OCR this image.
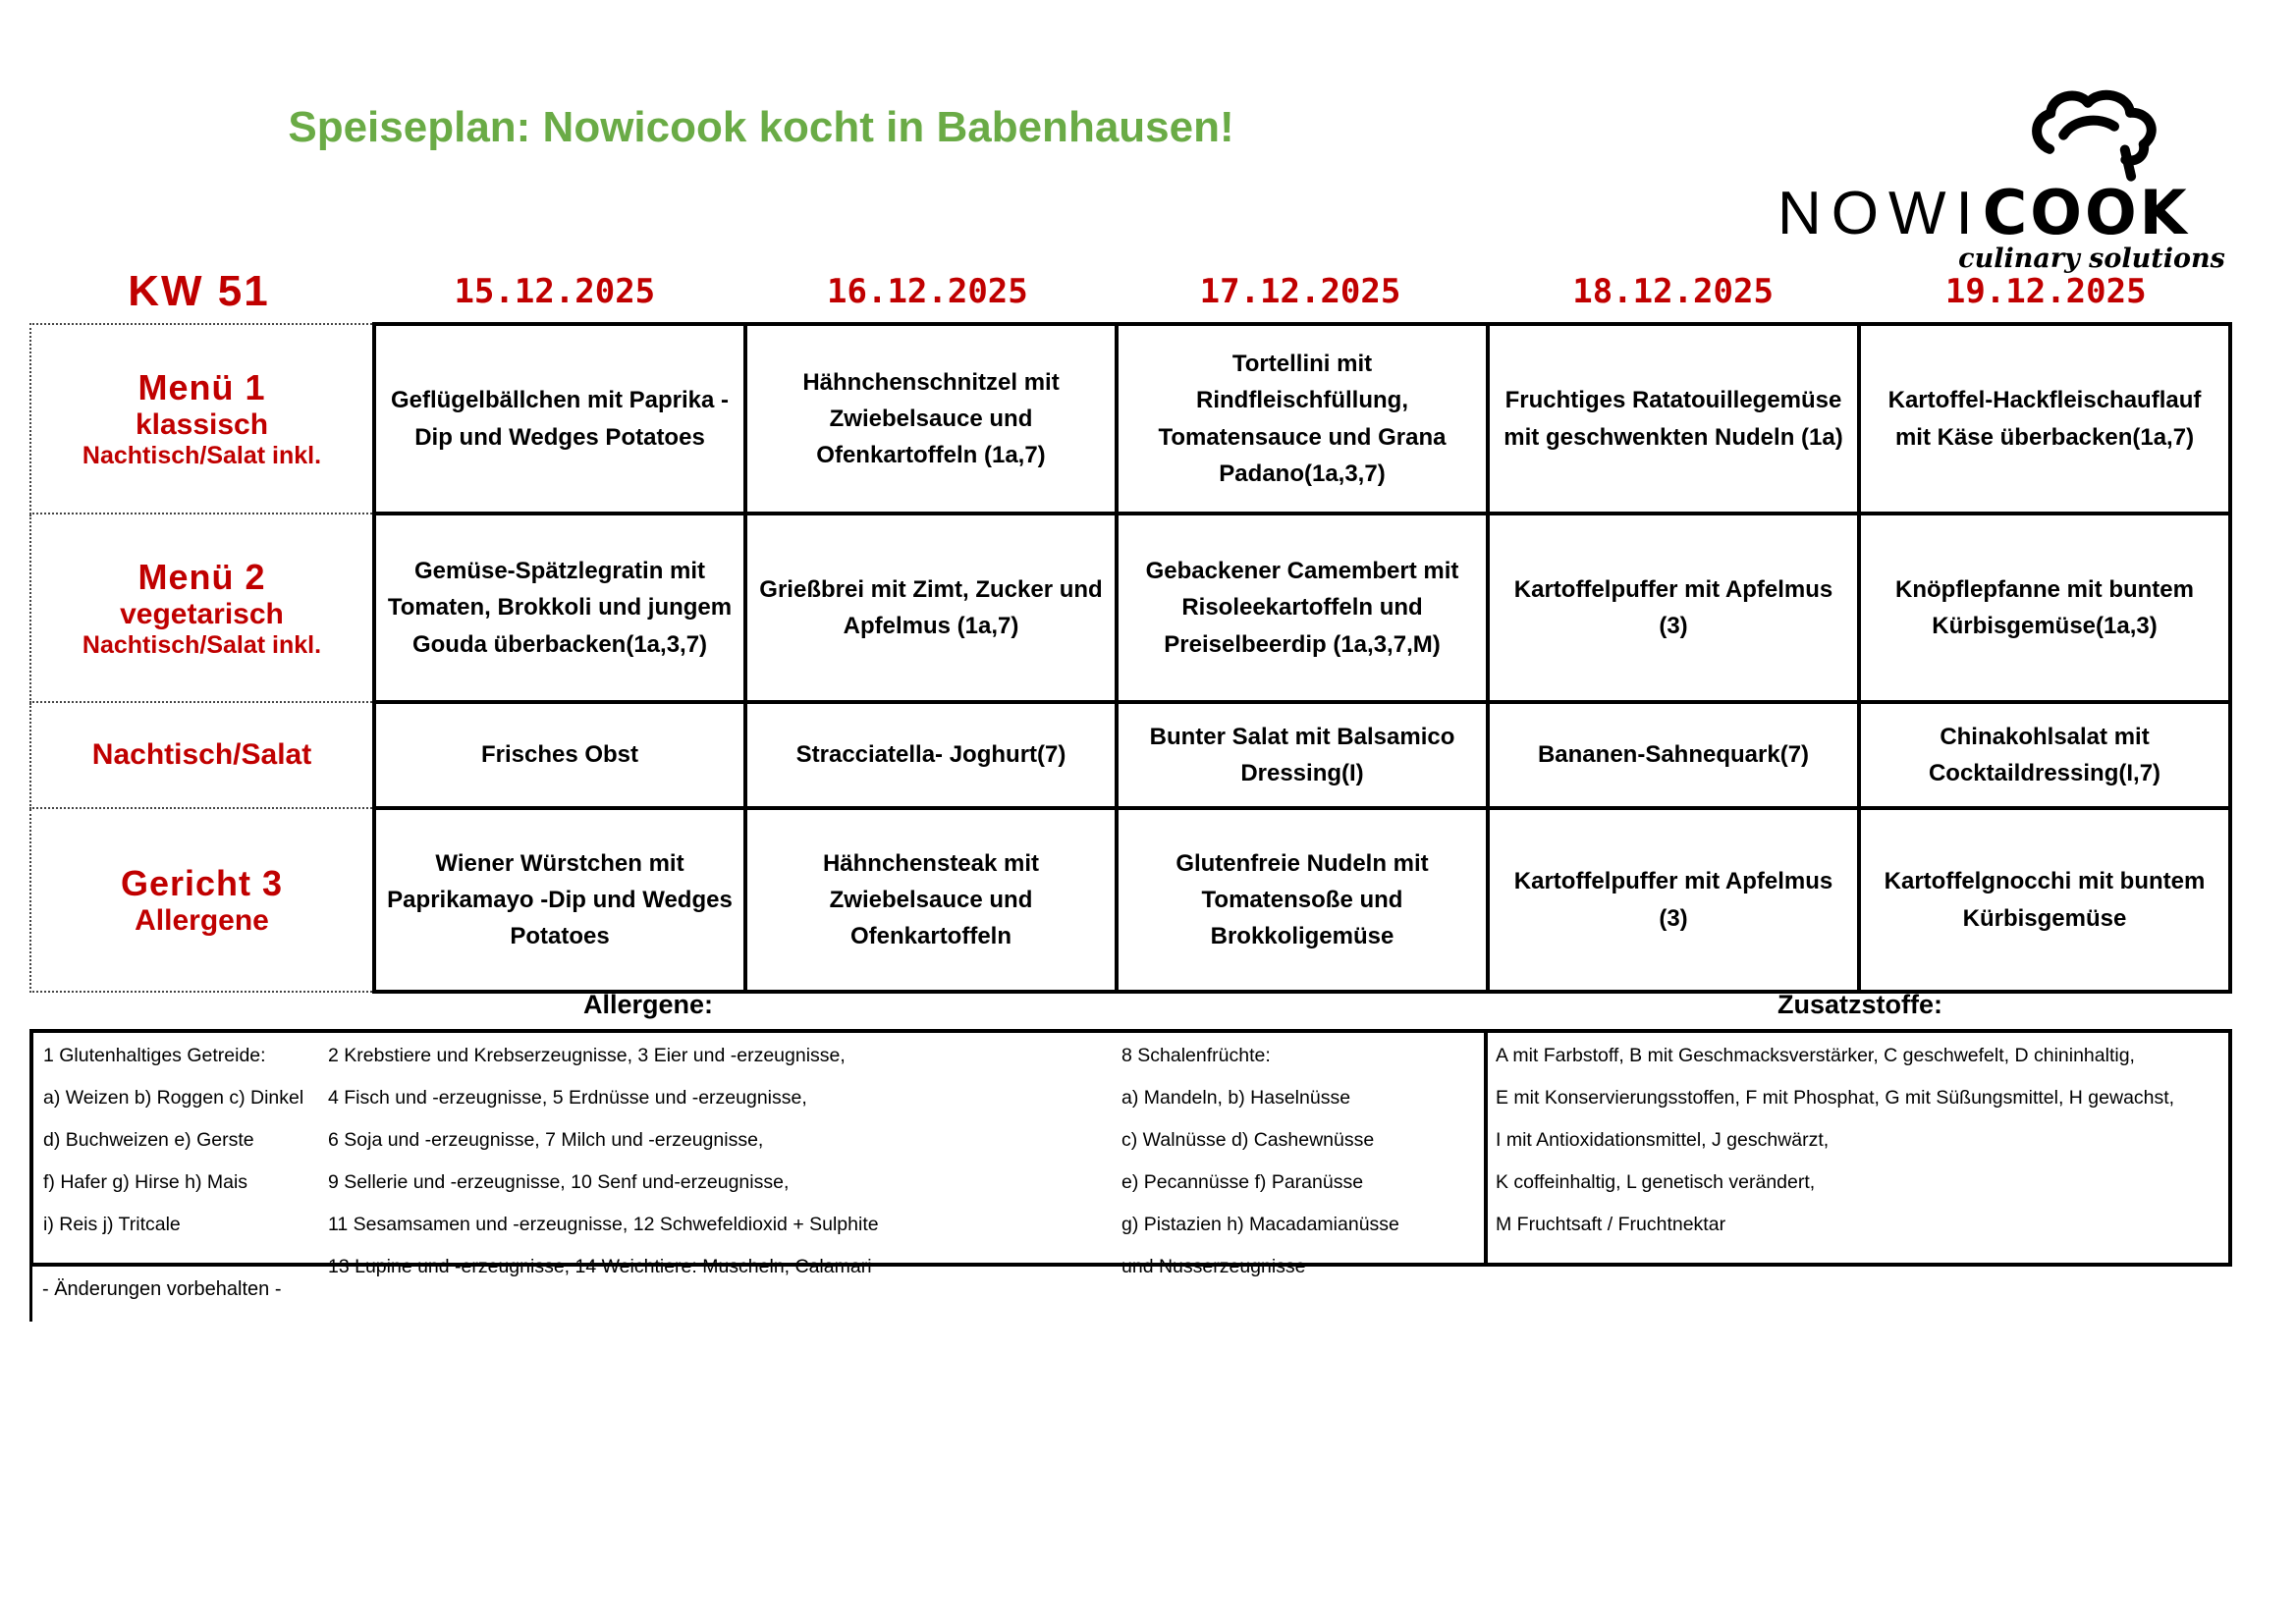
Speiseplan: Nowicook kocht in Babenhausen!
NOWICOOK
culinary solutions
KW 51	15.12.2025	16.12.2025	17.12.2025	18.12.2025	19.12.2025
Menü 1
klassisch
Nachtisch/Salat inkl.	Geflügelbällchen mit Paprika -Dip und Wedges Potatoes	Hähnchenschnitzel mit Zwiebelsauce und Ofenkartoffeln (1a,7)	Tortellini mit Rindfleischfüllung, Tomatensauce und Grana Padano(1a,3,7)	Fruchtiges Ratatouillegemüse mit geschwenkten Nudeln (1a)	Kartoffel-Hackfleischauflauf mit Käse überbacken(1a,7)

Menü 2
vegetarisch
Nachtisch/Salat inkl.	Gemüse-Spätzlegratin mit Tomaten, Brokkoli und jungem Gouda überbacken(1a,3,7)	Grießbrei mit Zimt, Zucker und Apfelmus (1a,7)	Gebackener Camembert mit Risoleekartoffeln und Preiselbeerdip (1a,3,7,M)	Kartoffelpuffer mit Apfelmus (3)	Knöpflepfanne mit buntem Kürbisgemüse(1a,3)

Nachtisch/Salat	Frisches Obst	Stracciatella- Joghurt(7)	Bunter Salat mit Balsamico Dressing(I)	Bananen-Sahnequark(7)	Chinakohlsalat mit Cocktaildressing(I,7)

Gericht 3
Allergene	Wiener Würstchen mit Paprikamayo -Dip und Wedges Potatoes	Hähnchensteak mit Zwiebelsauce und Ofenkartoffeln	Glutenfreie Nudeln mit Tomatensoße und Brokkoligemüse	Kartoffelpuffer mit Apfelmus (3)	Kartoffelgnocchi mit buntem Kürbisgemüse
Allergene:	Zusatzstoffe:
1 Glutenhaltiges Getreide:
a) Weizen b) Roggen c) Dinkel
d) Buchweizen e) Gerste
f) Hafer g) Hirse h) Mais
i) Reis j) Tritcale
2 Krebstiere und Krebserzeugnisse, 3 Eier und -erzeugnisse,
4 Fisch und -erzeugnisse, 5 Erdnüsse und -erzeugnisse,
6 Soja und -erzeugnisse, 7 Milch und -erzeugnisse,
9 Sellerie und -erzeugnisse, 10 Senf und-erzeugnisse,
11 Sesamsamen und -erzeugnisse, 12 Schwefeldioxid + Sulphite
13 Lupine und -erzeugnisse, 14 Weichtiere: Muscheln, Calamari
8 Schalenfrüchte:
a) Mandeln, b) Haselnüsse
c) Walnüsse d) Cashewnüsse
e) Pecannüsse f) Paranüsse
g) Pistazien h) Macadamianüsse
und Nusserzeugnisse
A mit Farbstoff, B mit Geschmacksverstärker, C geschwefelt, D chininhaltig,
E mit Konservierungsstoffen, F mit Phosphat, G mit Süßungsmittel, H gewachst,
I mit Antioxidationsmittel, J geschwärzt,
K coffeinhaltig, L genetisch verändert,
M Fruchtsaft / Fruchtnektar
- Änderungen vorbehalten -
